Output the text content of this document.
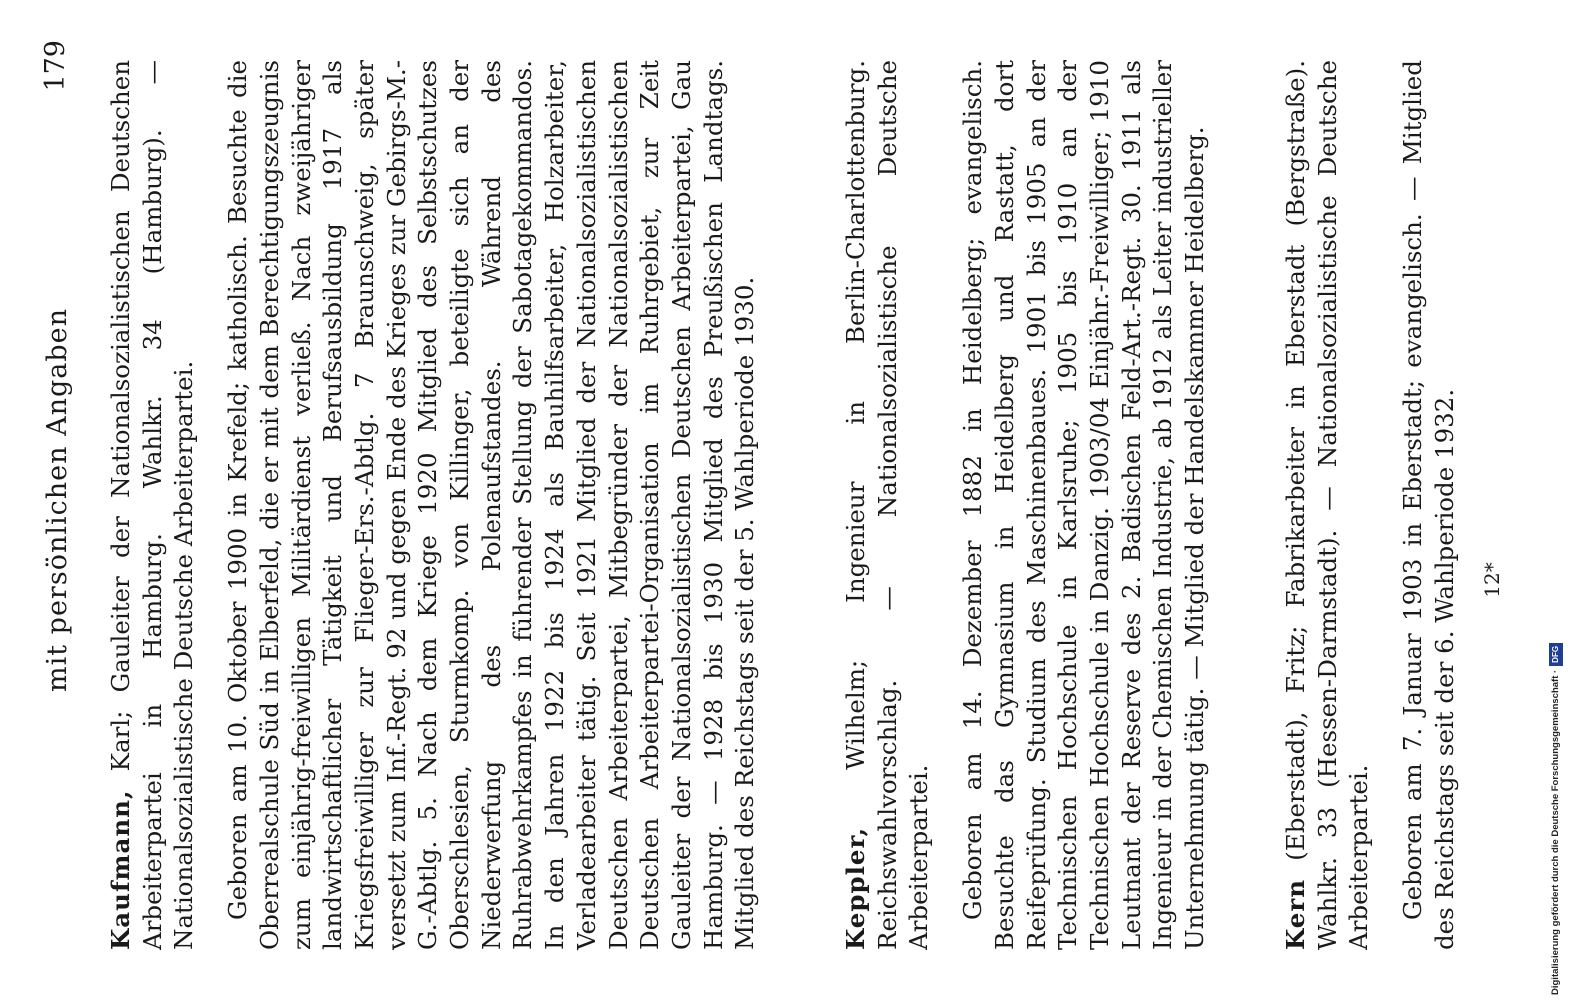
mit persönlichen Angaben
179

Kaufmann, Karl; Gauleiter der Nationalsozialistischen Deutschen Arbeiterpartei in Hamburg. Wahlkr. 34 (Hamburg). — Nationalsozialistische Deutsche Arbeiterpartei. Geboren am 10. Oktober 1900 in Krefeld; katholisch. Besuchte die Oberrealschule Süd in Elberfeld, die er mit dem Berechtigungszeugnis zum einjährig-freiwilligen Militärdienst verließ. Nach zweijähriger landwirtschaftlicher Tätigkeit und Berufsausbildung 1917 als Kriegsfreiwilliger zur Flieger-Ers.-Abtlg. 7 Braunschweig, später versetzt zum Inf.-Regt. 92 und gegen Ende des Krieges zur Gebirgs-M.-G.-Abtlg. 5. Nach dem Kriege 1920 Mitglied des Selbstschutzes Oberschlesien, Sturmkomp. von Killinger, beteiligte sich an der Niederwerfung des Polenaufstandes. Während des Ruhrabwehrkampfes in führender Stellung der Sabotagekommandos. In den Jahren 1922 bis 1924 als Bauhilfsarbeiter, Holzarbeiter, Verladearbeiter tätig. Seit 1921 Mitglied der Nationalsozialistischen Deutschen Arbeiterpartei, Mitbegründer der Nationalsozialistischen Deutschen Arbeiterpartei-Organisation im Ruhrgebiet, zur Zeit Gauleiter der Nationalsozialistischen Deutschen Arbeiterpartei, Gau Hamburg. — 1928 bis 1930 Mitglied des Preußischen Landtags. Mitglied des Reichstags seit der 5. Wahlperiode 1930.	Keppler, Wilhelm; Ingenieur in Berlin-Charlottenburg. Reichswahlvorschlag. — Nationalsozialistische Deutsche Arbeiterpartei. Geboren am 14. Dezember 1882 in Heidelberg; evangelisch. Besuchte das Gymnasium in Heidelberg und Rastatt, dort Reifeprüfung. Studium des Maschinenbaues. 1901 bis 1905 an der Technischen Hochschule in Karlsruhe; 1905 bis 1910 an der Technischen Hochschule in Danzig. 1903/04 Einjähr.-Freiwilliger; 1910 Leutnant der Reserve des 2. Badischen Feld-Art.-Regt. 30. 1911 als Ingenieur in der Chemischen Industrie, ab 1912 als Leiter industrieller Unternehmung tätig. — Mitglied der Handelskammer Heidelberg.	Kern (Eberstadt), Fritz; Fabrikarbeiter in Eberstadt (Bergstraße). Wahlkr. 33 (Hessen-Darmstadt). — Nationalsozialistische Deutsche Arbeiterpartei. Geboren am 7. Januar 1903 in Eberstadt; evangelisch. — Mitglied des Reichstags seit der 6. Wahlperiode 1932. 12*
Digitalisierung gefördert durch die Deutsche Forschungsgemeinschaft ·DFG
